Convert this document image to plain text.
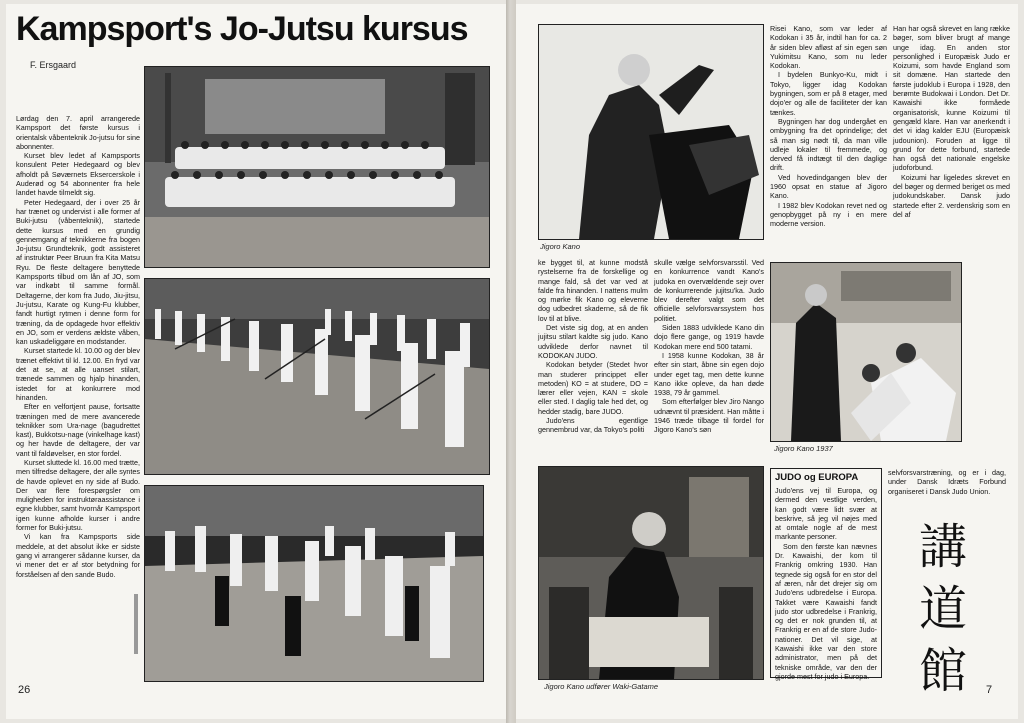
Kampsport's Jo-Jutsu kursus
F. Ersgaard

Lørdag den 7. april arrangerede Kampsport det første kursus i orientalsk våbenteknik Jo-jutsu for sine abonnenter.

Kurset blev ledet af Kampsports konsulent Peter Hedegaard og blev afholdt på Søværnets Eksercerskole i Auderød og 54 abonnenter fra hele landet havde tilmeldt sig.

Peter Hedegaard, der i over 25 år har trænet og undervist i alle former af Buki-jutsu (våbenteknik), startede dette kursus med en grundig gennemgang af teknikkerne fra bogen Jo-jutsu Grundteknik, godt assisteret af instruktør Peer Bruun fra Kita Matsu Ryu. De fleste deltagere benyttede Kampsports tilbud om lån af JO, som var indkøbt til samme formål. Deltagerne, der kom fra Judo, Jiu-jitsu, Ju-jutsu, Karate og Kung-Fu klubber, fandt hurtigt rytmen i denne form for træning, da de opdagede hvor effektiv en JO, som er verdens ældste våben, kan uskadeliggøre en modstander.

Kurset startede kl. 10.00 og der blev trænet effektivt til kl. 12.00. En fryd var det at se, at alle uanset stilart, trænede sammen og hjalp hinanden, istedet for at konkurrere mod hinanden.

Efter en velfortjent pause, fortsatte træningen med de mere avancerede teknikker som Ura-nage (bagudrettet kast), Bukkotsu-nage (vinkelhage kast) og her havde de deltagere, der var vant til faldøvelser, en stor fordel.

Kurset sluttede kl. 16.00 med trætte, men tilfredse deltagere, der alle syntes de havde oplevet en ny side af Budo. Der var flere forespørgsler om muligheden for instruktøraassistance i egne klubber, samt hvornår Kampsport igen kunne afholde kurser i andre former for Buki-jutsu.

Vi kan fra Kampsports side meddele, at det absolut ikke er sidste gang vi arrangerer sådanne kurser, da vi mener det er af stor betydning for forståelsen af den sande Budo.

26
Jigoro Kano

Risei Kano, som var leder af Kodokan i 35 år, indtil han for ca. 2 år siden blev afløst af sin egen søn Yukimitsu Kano, som nu leder Kodokan.

I bydelen Bunkyo-Ku, midt i Tokyo, ligger idag Kodokan bygningen, som er på 8 etager, med dojo'er og alle de faciliteter der kan tænkes.

Bygningen har dog undergået en ombygning fra det oprindelige; det så man sig nødt til, da man ville udleje lokaler til fremmede, og derved få indtægt til den daglige drift.

Ved hovedindgangen blev der 1960 opsat en statue af Jigoro Kano.

I 1982 blev Kodokan revet ned og genopbygget på ny i en mere moderne version.

Han har også skrevet en lang række bøger, som bliver brugt af mange unge idag. En anden stor personlighed i Europæisk Judo er Koizumi, som havde England som sit domæne. Han startede den første judoklub i Europa i 1928, den berømte Budokwai i London. Det Dr. Kawaishi ikke formåede organisatorisk, kunne Koizumi til gengæld klare. Han var anerkendt i det vi idag kalder EJU (Europæisk judounion). Foruden at ligge til grund for dette forbund, startede han også det nationale engelske judoforbund.

Koizumi har ligeledes skrevet en del bøger og dermed beriget os med judokundskaber. Dansk judo startede efter 2. verdenskrig som en del af

ke bygget til, at kunne modstå rystelserne fra de forskellige og mange fald, så det var ved at falde fra hinanden. I nattens mulm og mørke fik Kano og eleverne dog udbedret skaderne, så de fik lov til at blive.

Det viste sig dog, at en anden jujitsu stilart kaldte sig judo. Kano udviklede derfor navnet til KODOKAN JUDO.

Kodokan betyder (Stedet hvor man studerer princippet eller metoden) KO = at studere, DO = lærer eller vejen, KAN = skole eller sted. I daglig tale hed det, og hedder stadig, bare JUDO.

Judo'ens egentlige gennembrud var, da Tokyo's politi

skulle vælge selvforsvarsstil. Ved en konkurrence vandt Kano's judoka en overvældende sejr over de konkurrerende jujitsu'ka. Judo blev derefter valgt som det officielle selvforsvarssystem hos politiet.

Siden 1883 udviklede Kano din dojo flere gange, og 1919 havde Kodokan mere end 500 tatami.

I 1958 kunne Kodokan, 38 år efter sin start, åbne sin egen dojo under eget tag, men dette kunne Kano ikke opleve, da han døde 1938, 79 år gammel.

Som efterfølger blev Jiro Nango udnævnt til præsident. Han måtte i 1946 træde tilbage til fordel for Jigoro Kano's søn

Jigoro Kano 1937
Jigoro Kano udfører Waki-Gatame
JUDO og EUROPA

Judo'ens vej til Europa, og dermed den vestlige verden, kan godt være lidt svær at beskrive, så jeg vil nøjes med at omtale nogle af de mest markante personer.

Som den første kan nævnes Dr. Kawaishi, der kom til Frankrig omkring 1930. Han tegnede sig også for en stor del af æren, når det drejer sig om Judo'ens udbredelse i Europa. Takket være Kawaishi fandt judo stor udbredelse i Frankrig, og det er nok grunden til, at Frankrig er en af de store Judo-nationer. Det vil sige, at Kawaishi ikke var den store administrator, men på det tekniske område, var den der gjorde mest for judo i Europa.

selvforsvarstræning, og er i dag, under Dansk Idræts Forbund organiseret i Dansk Judo Union.

講
道
館	7
